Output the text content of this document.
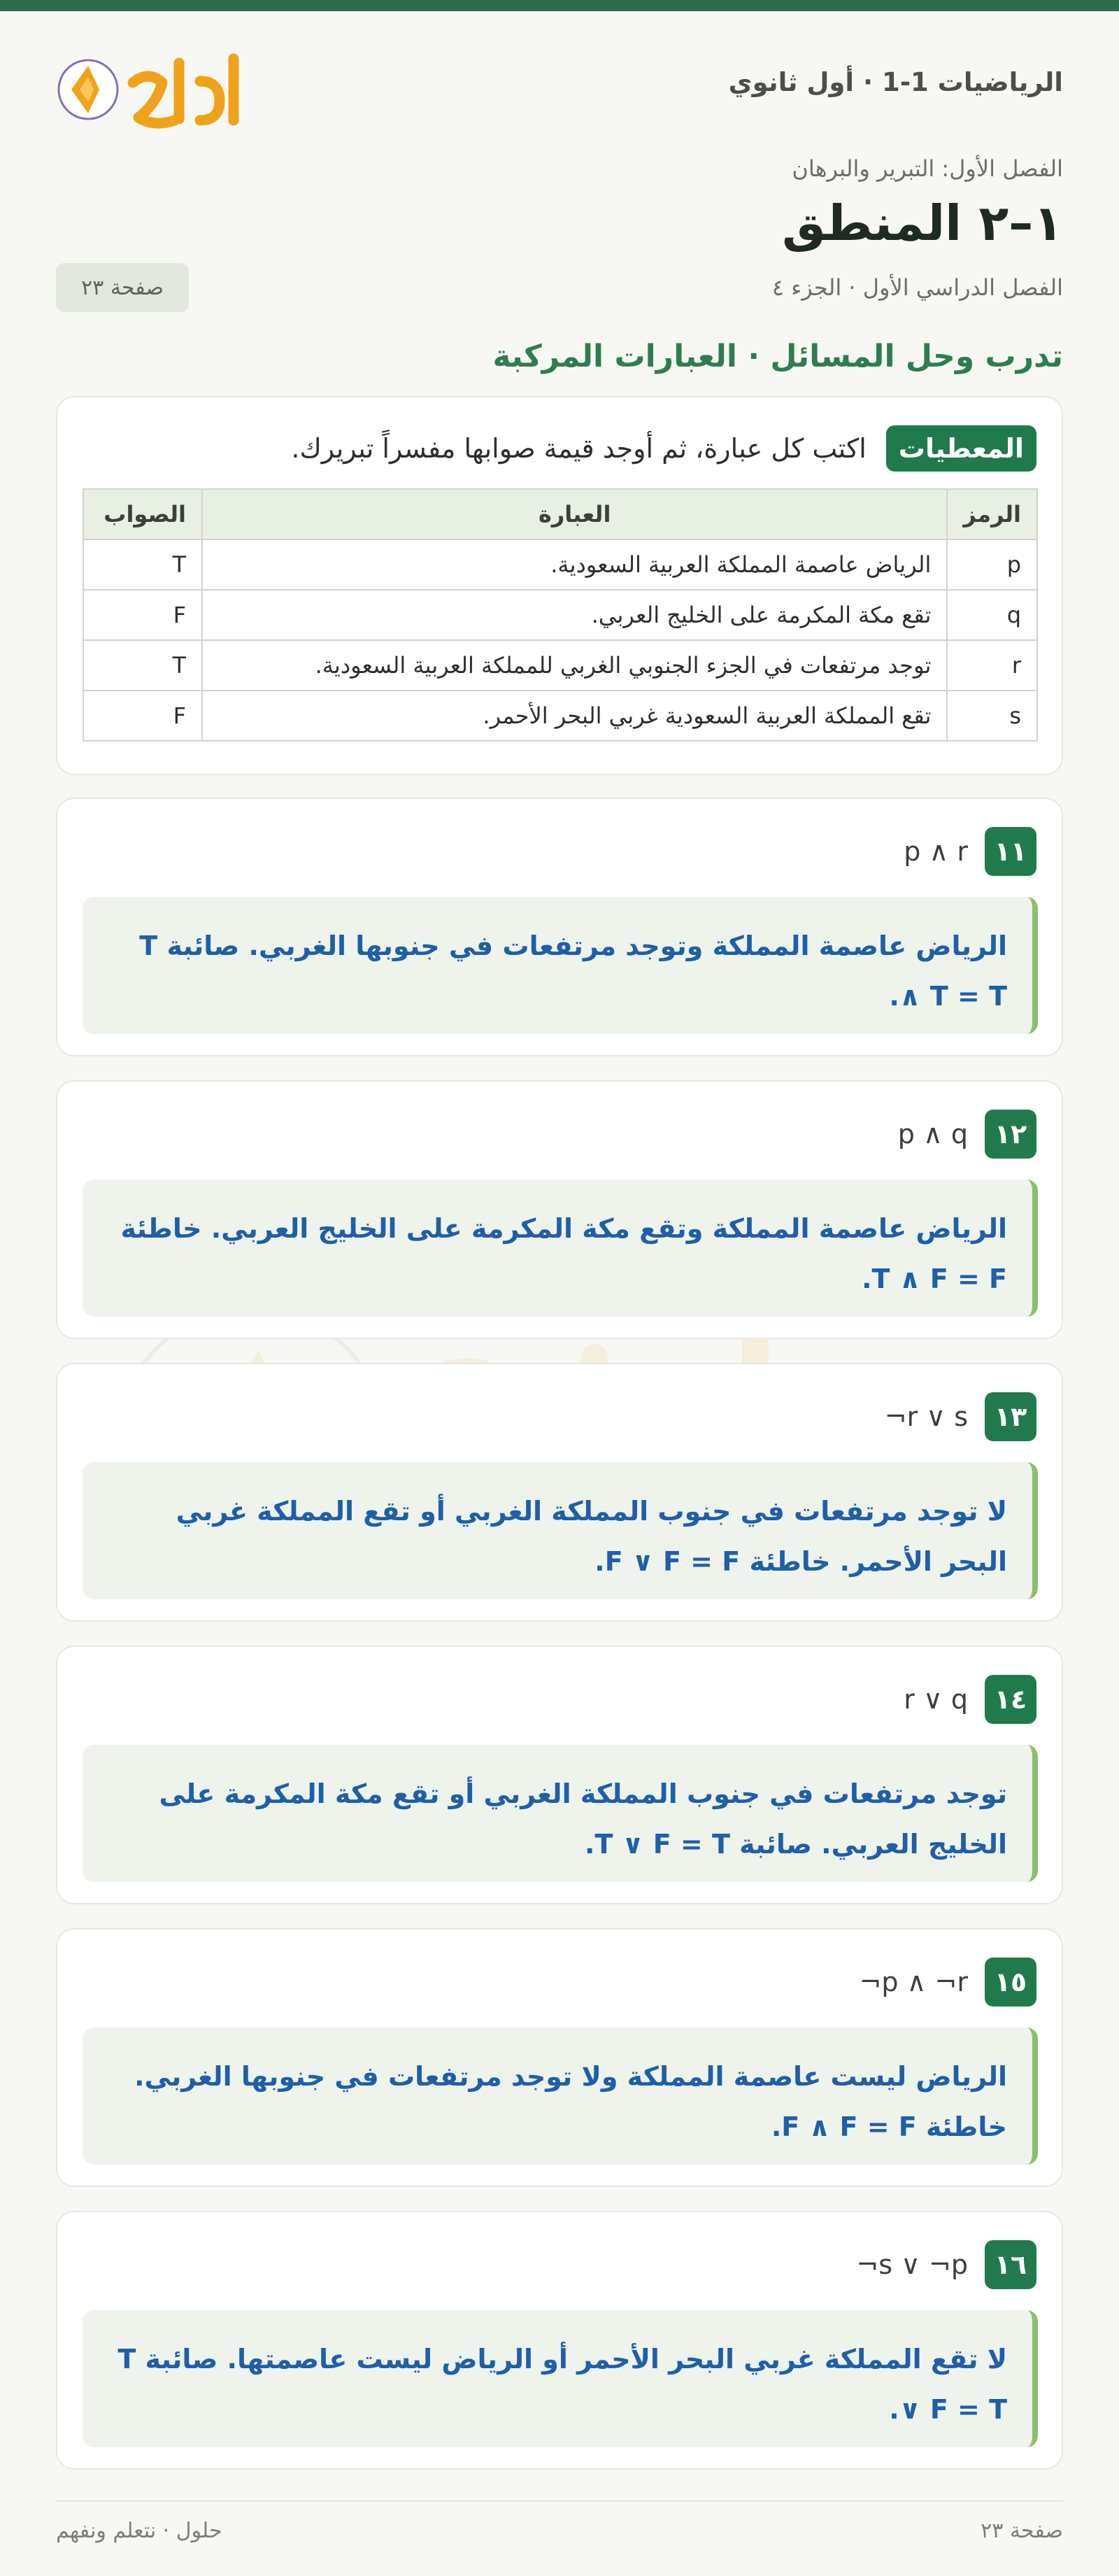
الرياضيات 1-1 · أول ثانوي
الفصل الأول: التبرير والبرهان
١–٢ المنطق
الفصل الدراسي الأول · الجزء ٤
صفحة ٢٣
تدرب وحل المسائل · العبارات المركبة
المعطيات
اكتب كل عبارة، ثم أوجد قيمة صوابها مفسراً تبريرك.
الرمز	العبارة	الصواب
p	الرياض عاصمة المملكة العربية السعودية.	T
q	تقع مكة المكرمة على الخليج العربي.	F
r	توجد مرتفعات في الجزء الجنوبي الغربي للمملكة العربية السعودية.	T
s	تقع المملكة العربية السعودية غربي البحر الأحمر.	F
١١
p ∧ r

الرياض عاصمة المملكة وتوجد مرتفعات في جنوبها الغربي. صائبة T ∧ T = T.

١٢
p ∧ q

الرياض عاصمة المملكة وتقع مكة المكرمة على الخليج العربي. خاطئة T ∧ F = F.

١٣
¬r ∨ s

لا توجد مرتفعات في جنوب المملكة الغربي أو تقع المملكة غربي البحر الأحمر. خاطئة F ∨ F = F.

١٤
r ∨ q

توجد مرتفعات في جنوب المملكة الغربي أو تقع مكة المكرمة على الخليج العربي. صائبة T ∨ F = T.

١٥
¬p ∧ ¬r

الرياض ليست عاصمة المملكة ولا توجد مرتفعات في جنوبها الغربي. خاطئة F ∧ F = F.

١٦
¬s ∨ ¬p

لا تقع المملكة غربي البحر الأحمر أو الرياض ليست عاصمتها. صائبة T ∨ F = T.

صفحة ٢٣
حلول · نتعلم ونفهم
